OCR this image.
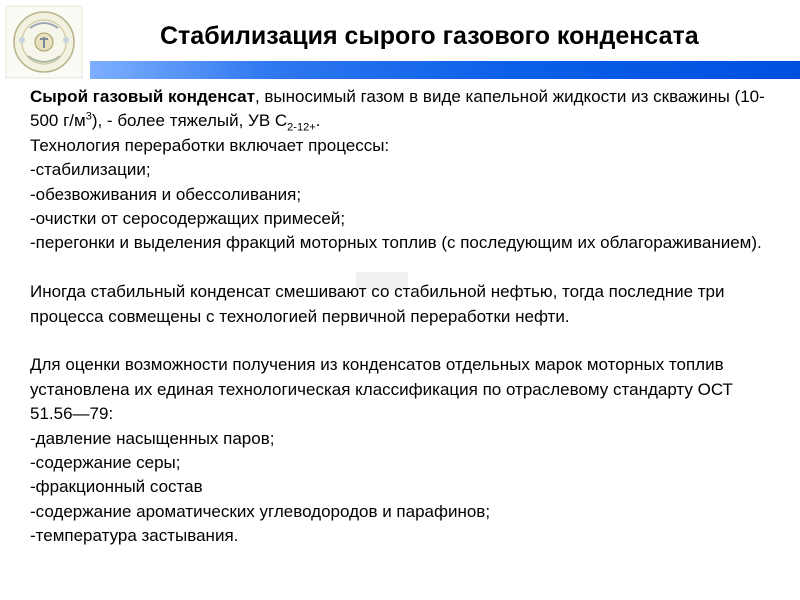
Стабилизация сырого газового конденсата

Сырой газовый конденсат, выносимый газом в виде капельной жидкости из скважины (10-500 $г/м^3$), - более тяжелый, УВ $С_{2-12+}$.

Технология переработки включает процессы:

-стабилизации;

-обезвоживания и обессоливания;

-очистки от серосодержащих примесей;

-перегонки и выделения фракций моторных топлив (с последующим их облагораживанием).

Иногда стабильный конденсат смешивают со стабильной нефтью, тогда последние три процесса совмещены с технологией первичной переработки нефти.

Для оценки возможности получения из конденсатов отдельных марок моторных топлив установлена их единая технологическая классификация по отраслевому стандарту ОСТ 51.56—79:

-давление насыщенных паров;

-содержание серы;

-фракционный состав

-содержание ароматических углеводородов и парафинов;

-температура застывания.
